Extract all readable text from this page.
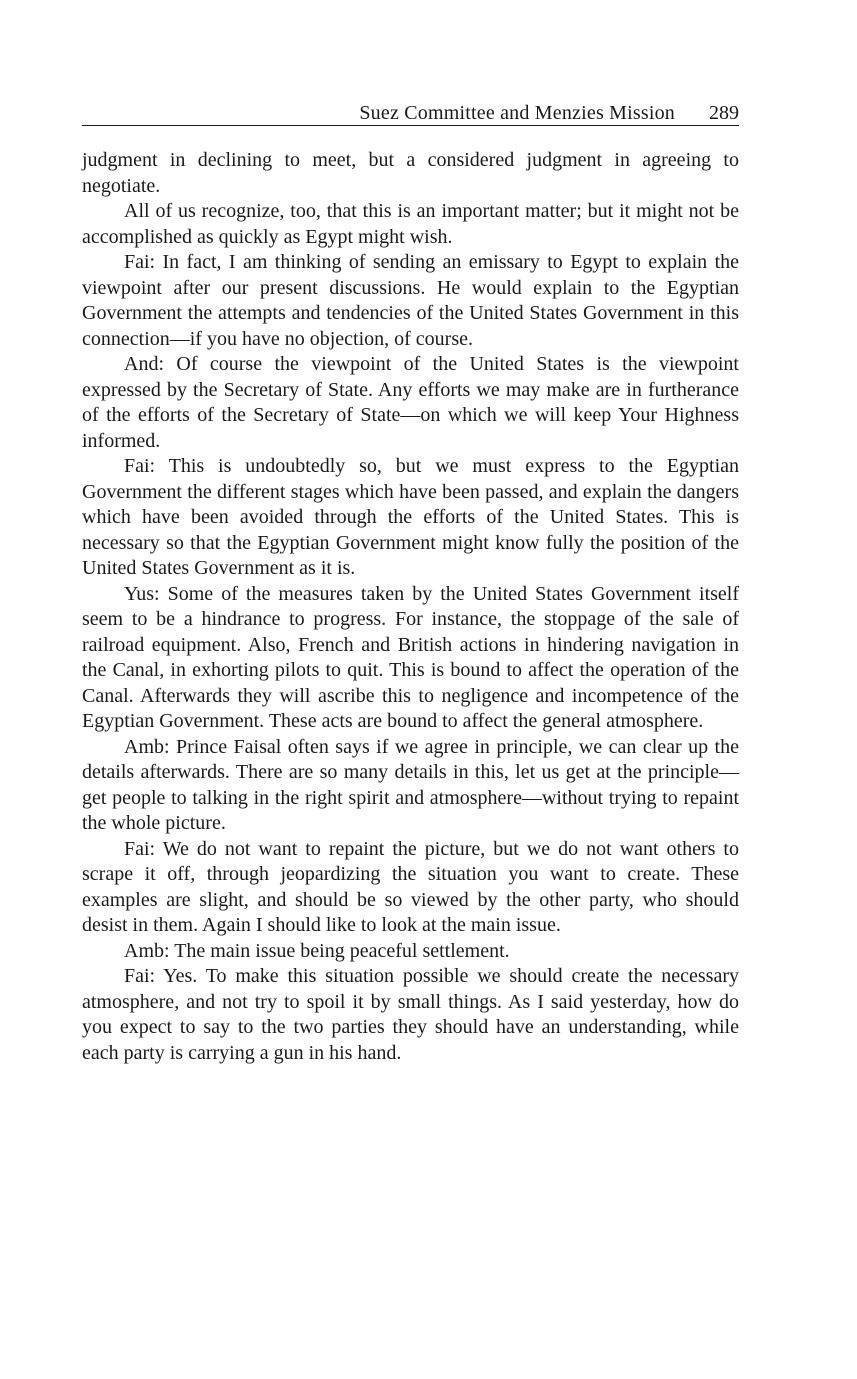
Suez Committee and Menzies Mission	289

judgment in declining to meet, but a considered judgment in agreeing to negotiate.

All of us recognize, too, that this is an important matter; but it might not be accomplished as quickly as Egypt might wish.

Fai: In fact, I am thinking of sending an emissary to Egypt to explain the viewpoint after our present discussions. He would explain to the Egyptian Government the attempts and tendencies of the United States Government in this connection—if you have no objection, of course.

And: Of course the viewpoint of the United States is the viewpoint expressed by the Secretary of State. Any efforts we may make are in furtherance of the efforts of the Secretary of State—on which we will keep Your Highness informed.

Fai: This is undoubtedly so, but we must express to the Egyptian Government the different stages which have been passed, and explain the dangers which have been avoided through the efforts of the United States. This is necessary so that the Egyptian Government might know fully the position of the United States Government as it is.

Yus: Some of the measures taken by the United States Government itself seem to be a hindrance to progress. For instance, the stoppage of the sale of railroad equipment. Also, French and British actions in hindering navigation in the Canal, in exhorting pilots to quit. This is bound to affect the operation of the Canal. Afterwards they will ascribe this to negligence and incompetence of the Egyptian Government. These acts are bound to affect the general atmosphere.

Amb: Prince Faisal often says if we agree in principle, we can clear up the details afterwards. There are so many details in this, let us get at the principle—get people to talking in the right spirit and atmosphere—without trying to repaint the whole picture.

Fai: We do not want to repaint the picture, but we do not want others to scrape it off, through jeopardizing the situation you want to create. These examples are slight, and should be so viewed by the other party, who should desist in them. Again I should like to look at the main issue.

Amb: The main issue being peaceful settlement.

Fai: Yes. To make this situation possible we should create the necessary atmosphere, and not try to spoil it by small things. As I said yesterday, how do you expect to say to the two parties they should have an understanding, while each party is carrying a gun in his hand.
